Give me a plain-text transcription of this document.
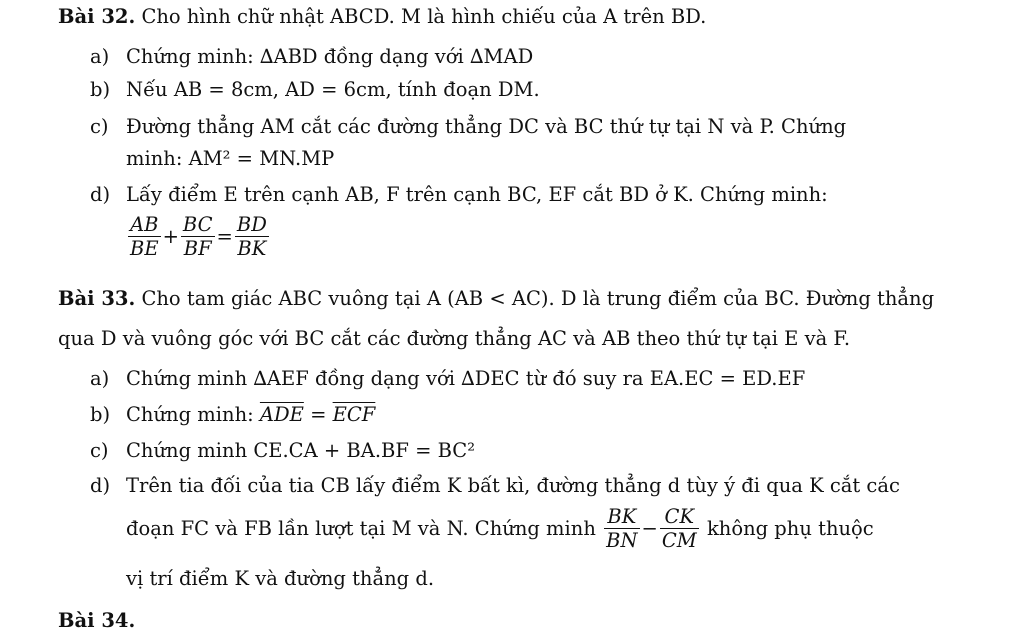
Bài 32. Cho hình chữ nhật ABCD. M là hình chiếu của A trên BD.
a) Chứng minh: ∆ABD đồng dạng với ∆MAD
b) Nếu AB = 8cm, AD = 6cm, tính đoạn DM.
c) Đường thẳng AM cắt các đường thẳng DC và BC thứ tự tại N và P. Chứng
minh: AM² = MN.MP
d) Lấy điểm E trên cạnh AB, F trên cạnh BC, EF cắt BD ở K. Chứng minh:
$\frac{AB}{BE} + \frac{BC}{BF} = \frac{BD}{BK}$
Bài 33. Cho tam giác ABC vuông tại A (AB < AC). D là trung điểm của BC. Đường thẳng
qua D và vuông góc với BC cắt các đường thẳng AC và AB theo thứ tự tại E và F.
a) Chứng minh ∆AEF đồng dạng với ∆DEC từ đó suy ra EA.EC = ED.EF
b) Chứng minh: $\overline{ADE} = \overline{ECF}$
c) Chứng minh CE.CA + BA.BF = BC²
d) Trên tia đối của tia CB lấy điểm K bất kì, đường thẳng d tùy ý đi qua K cắt các
đoạn FC và FB lần lượt tại M và N. Chứng minh $\frac{BK}{BN} - \frac{CK}{CM}$ không phụ thuộc
vị trí điểm K và đường thẳng d.
Bài 34.
